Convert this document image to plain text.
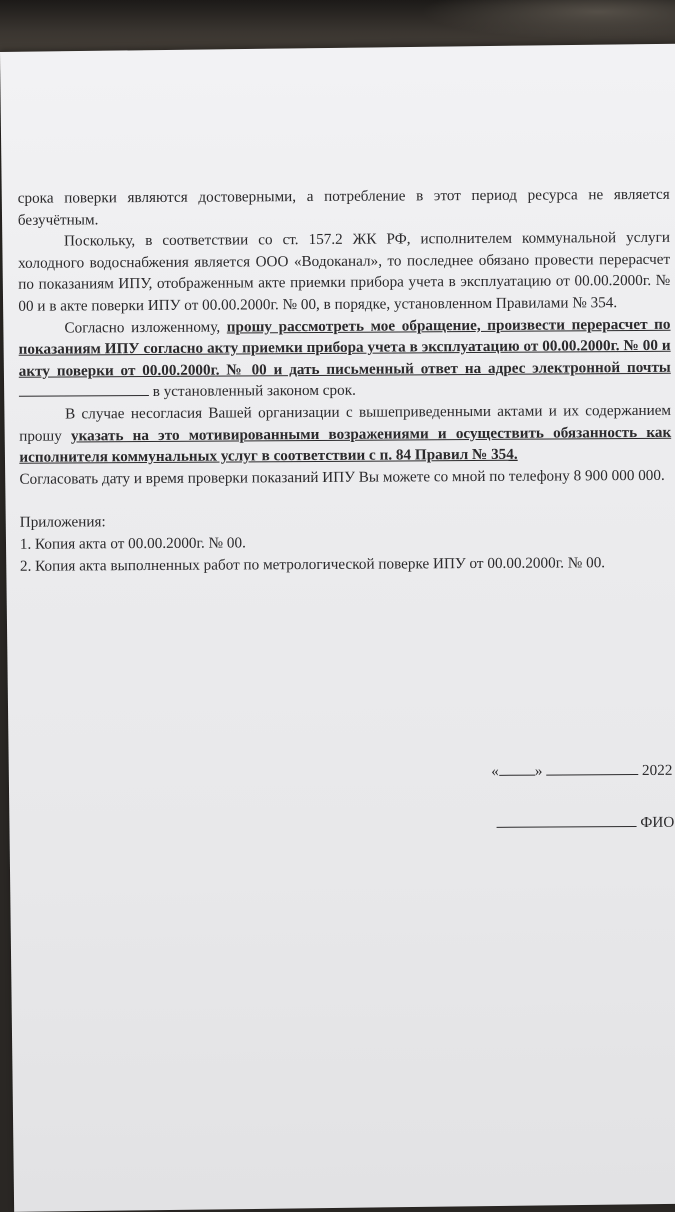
срока поверки являются достоверными, а потребление в этот период ресурса не является безучётным.

Поскольку, в соответствии со ст. 157.2 ЖК РФ, исполнителем коммунальной услуги холодного водоснабжения является ООО «Водоканал», то последнее обязано провести перерасчет по показаниям ИПУ, отображенным акте приемки прибора учета в эксплуатацию от 00.00.2000г. № 00 и в акте поверки ИПУ от 00.00.2000г. № 00, в порядке, установленном Правилами № 354.

Согласно изложенному, прошу рассмотреть мое обращение, произвести перерасчет по показаниям ИПУ согласно акту приемки прибора учета в эксплуатацию от 00.00.2000г. № 00 и акту поверки от 00.00.2000г. № 00 и дать письменный ответ на адрес электронной почты в установленный законом срок.

В случае несогласия Вашей организации с вышеприведенными актами и их содержанием прошу указать на это мотивированными возражениями и осуществить обязанность как исполнителя коммунальных услуг в соответствии с п. 84 Правил № 354.

Согласовать дату и время проверки показаний ИПУ Вы можете со мной по телефону 8 900 000 000.

Приложения:

1. Копия акта от 00.00.2000г. № 00.

2. Копия акта выполненных работ по метрологической поверке ИПУ от 00.00.2000г. № 00.

« »	2022
ФИО
